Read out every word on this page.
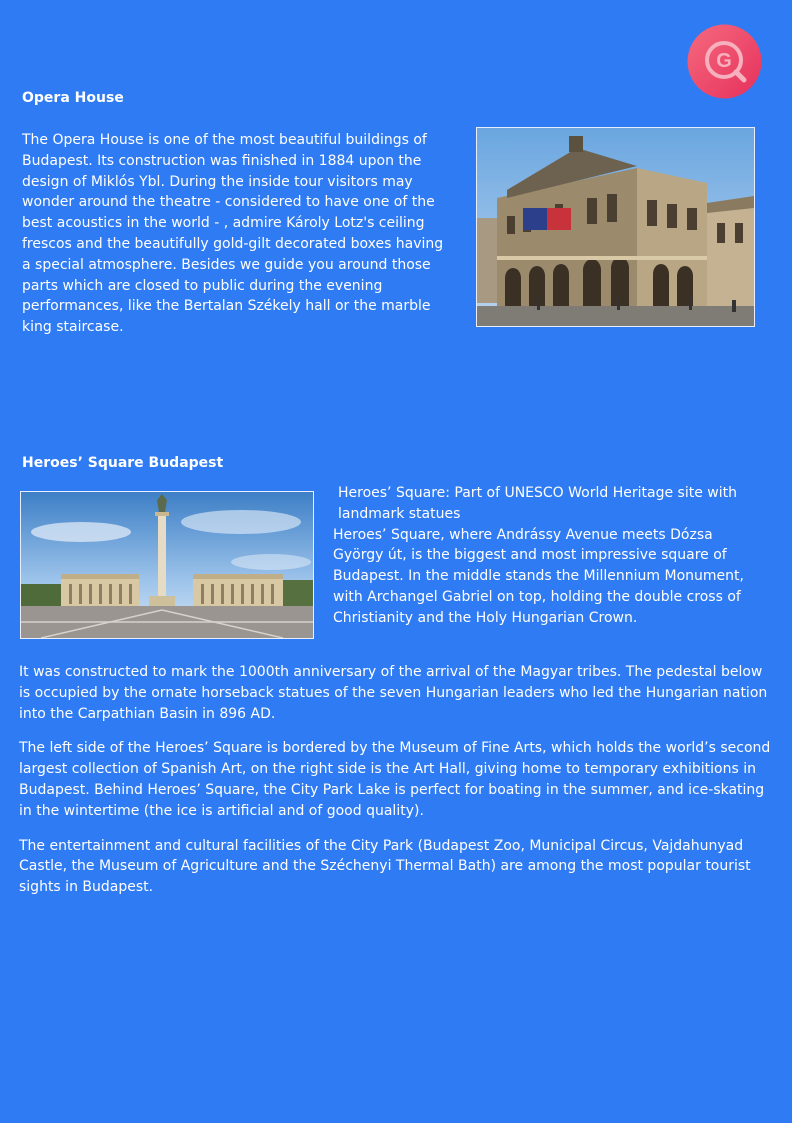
G
Opera House

The Opera House is one of the most beautiful buildings of Budapest. Its construction was finished in 1884 upon the design of Miklós Ybl. During the inside tour visitors may wonder around the theatre - considered to have one of the best acoustics in the world - , admire Károly Lotz's ceiling frescos and the beautifully gold-gilt decorated boxes having a special atmosphere. Besides we guide you around those parts which are closed to public during the evening performances, like the Bertalan Székely hall or the marble king staircase.

Heroes’ Square Budapest

Heroes’ Square: Part of UNESCO World Heritage site with landmark statues

Heroes’ Square, where Andrássy Avenue meets Dózsa György út, is the biggest and most impressive square of Budapest. In the middle stands the Millennium Monument, with Archangel Gabriel on top, holding the double cross of Christianity and the Holy Hungarian Crown.

It was constructed to mark the 1000th anniversary of the arrival of the Magyar tribes. The pedestal below is occupied by the ornate horseback statues of the seven Hungarian leaders who led the Hungarian nation into the Carpathian Basin in 896 AD.

The left side of the Heroes’ Square is bordered by the Museum of Fine Arts, which holds the world’s second largest collection of Spanish Art, on the right side is the Art Hall, giving home to temporary exhibitions in Budapest. Behind Heroes’ Square, the City Park Lake is perfect for boating in the summer, and ice-skating in the wintertime (the ice is artificial and of good quality).

The entertainment and cultural facilities of the City Park (Budapest Zoo, Municipal Circus, Vajdahunyad Castle, the Museum of Agriculture and the Széchenyi Thermal Bath) are among the most popular tourist sights in Budapest.
